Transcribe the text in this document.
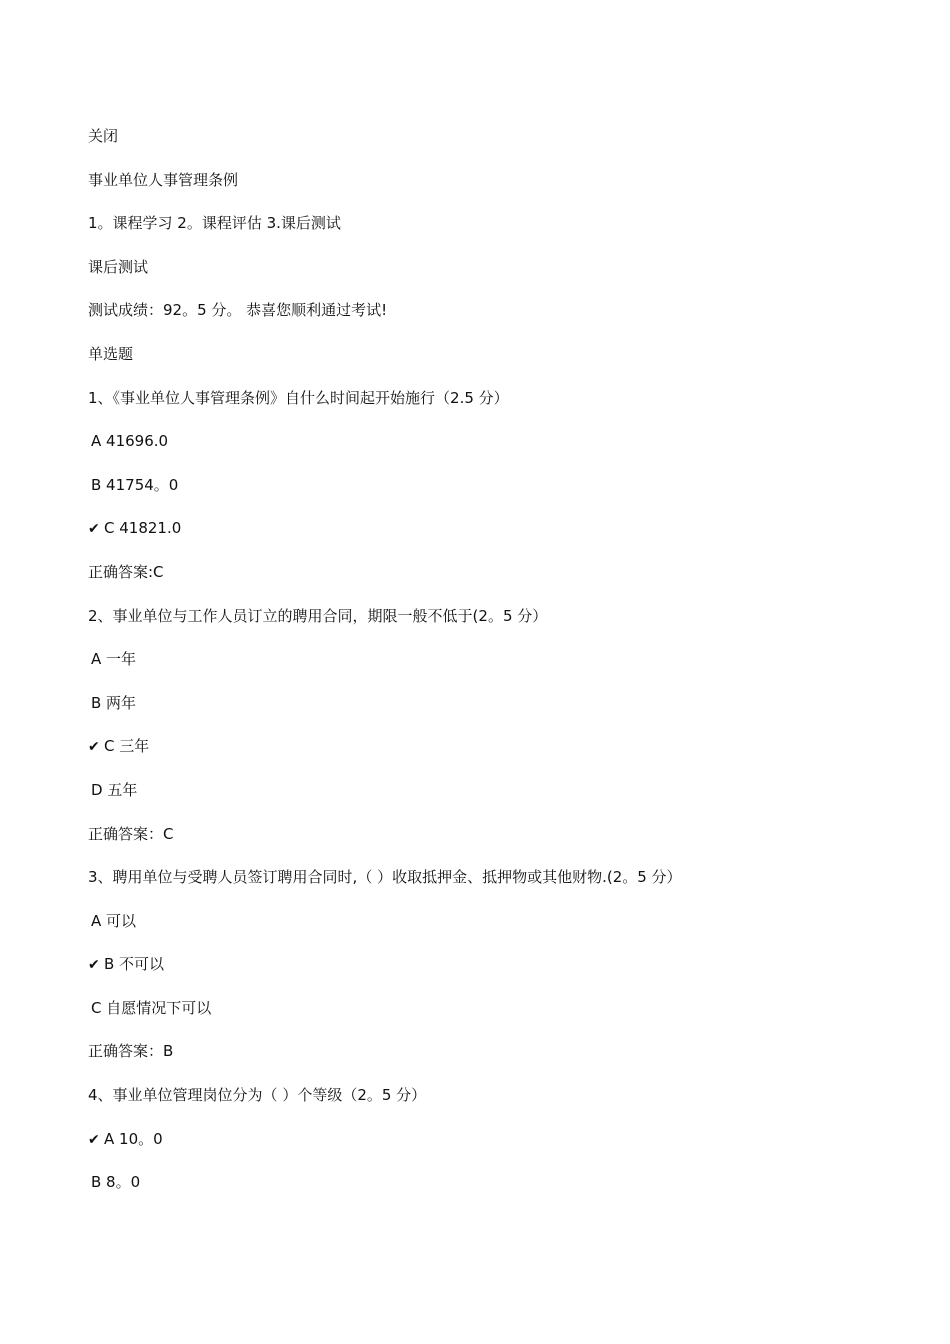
关闭
事业单位人事管理条例
1。课程学习 2。课程评估 3.课后测试
课后测试
测试成绩：92。5 分。 恭喜您顺利通过考试!
单选题
1、《事业单位人事管理条例》自什么时间起开始施行（2.5 分）
A 41696.0
B 41754。0
✔ C 41821.0
正确答案:C
2、事业单位与工作人员订立的聘用合同，期限一般不低于(2。5 分）
A 一年
B 两年
✔ C 三年
D 五年
正确答案：C
3、聘用单位与受聘人员签订聘用合同时,（ ）收取抵押金、抵押物或其他财物.(2。5 分）
A 可以
✔ B 不可以
C 自愿情况下可以
正确答案：B
4、事业单位管理岗位分为（ ）个等级（2。5 分）
✔ A 10。0
B 8。0
